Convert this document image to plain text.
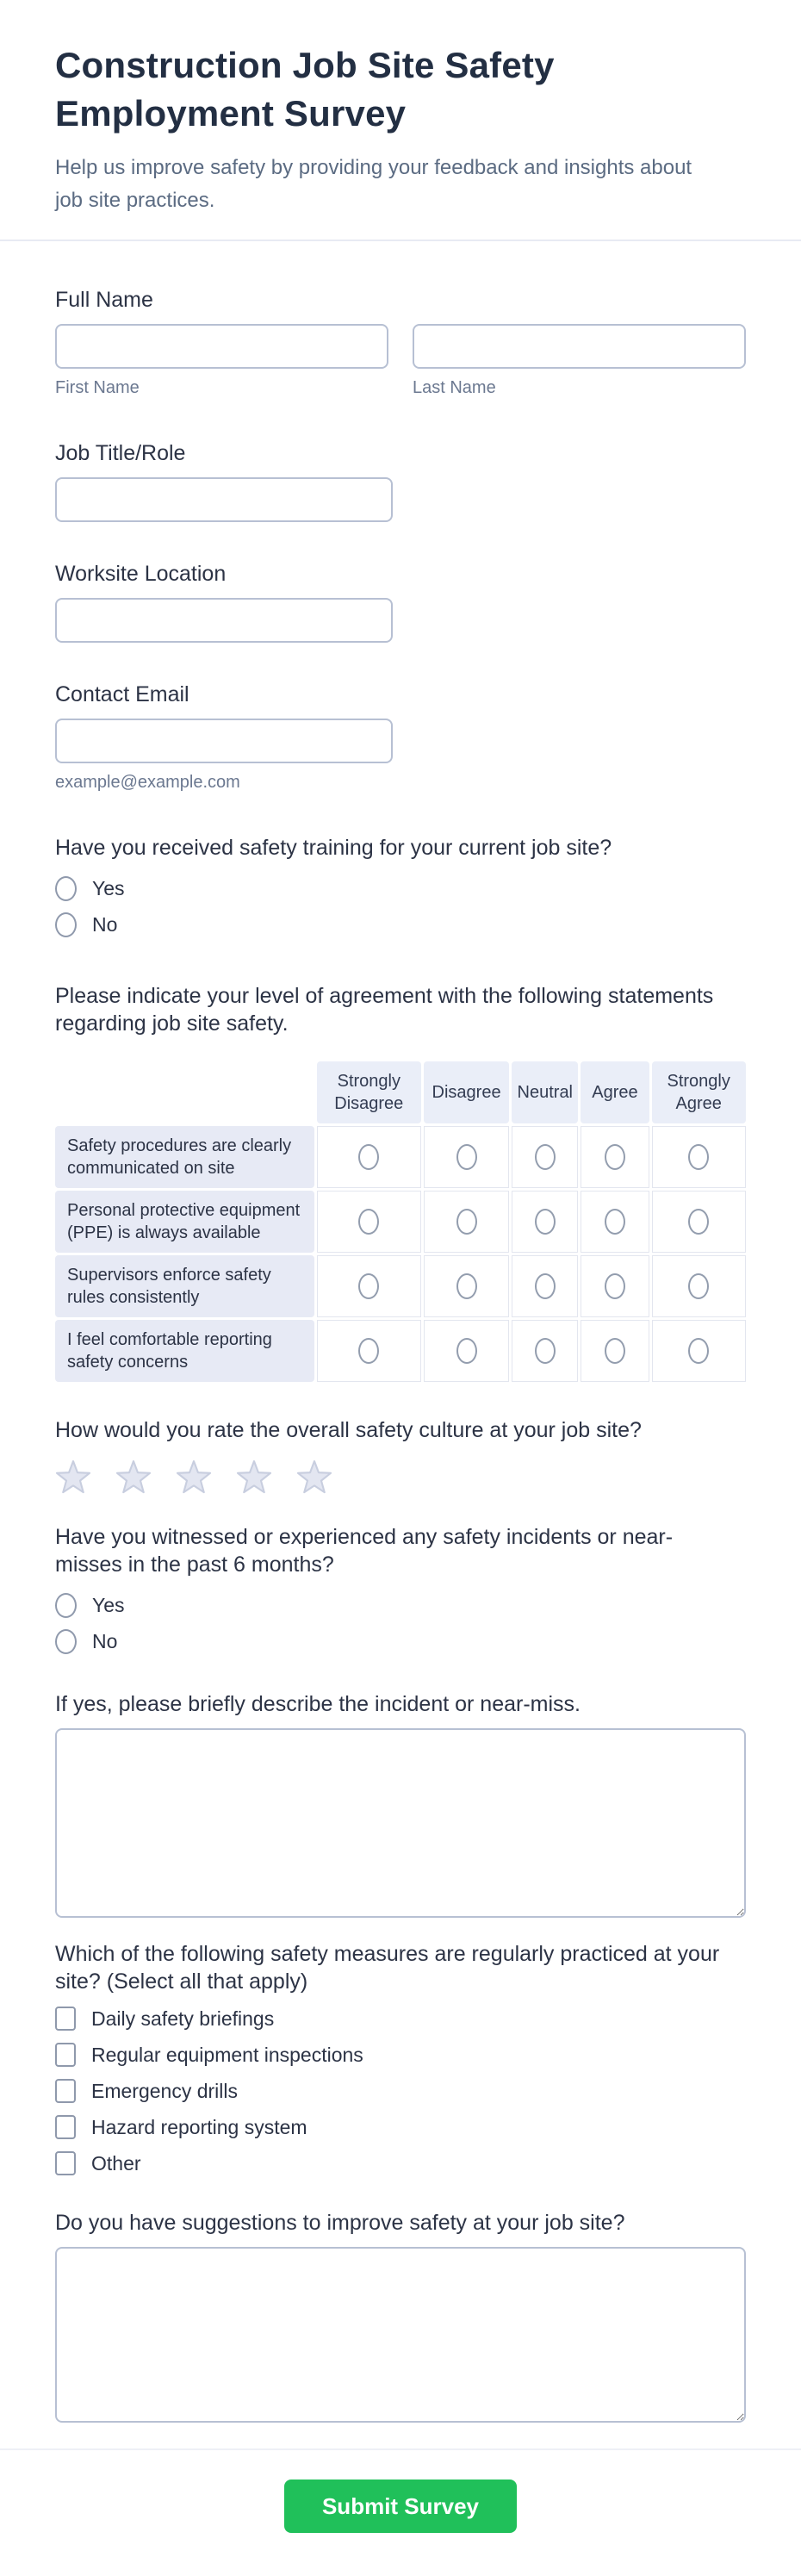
Construction Job Site Safety Employment Survey

Help us improve safety by providing your feedback and insights about job site practices.

Full Name
First Name	Last Name
Job Title/Role
Worksite Location
Contact Email
example@example.com
Have you received safety training for your current job site?
Yes
No
Please indicate your level of agreement with the following statements regarding job site safety.
Strongly Disagree
Disagree Neutral	Agree
Strongly Agree
Safety procedures are clearly communicated on site
Personal protective equipment (PPE) is always available
Supervisors enforce safety rules consistently
I feel comfortable reporting safety concerns
How would you rate the overall safety culture at your job site?
Have you witnessed or experienced any safety incidents or near-misses in the past 6 months?
Yes
No
If yes, please briefly describe the incident or near-miss.
Which of the following safety measures are regularly practiced at your site? (Select all that apply)
Daily safety briefings
Regular equipment inspections
Emergency drills
Hazard reporting system
Other
Do you have suggestions to improve safety at your job site?
Submit Survey
